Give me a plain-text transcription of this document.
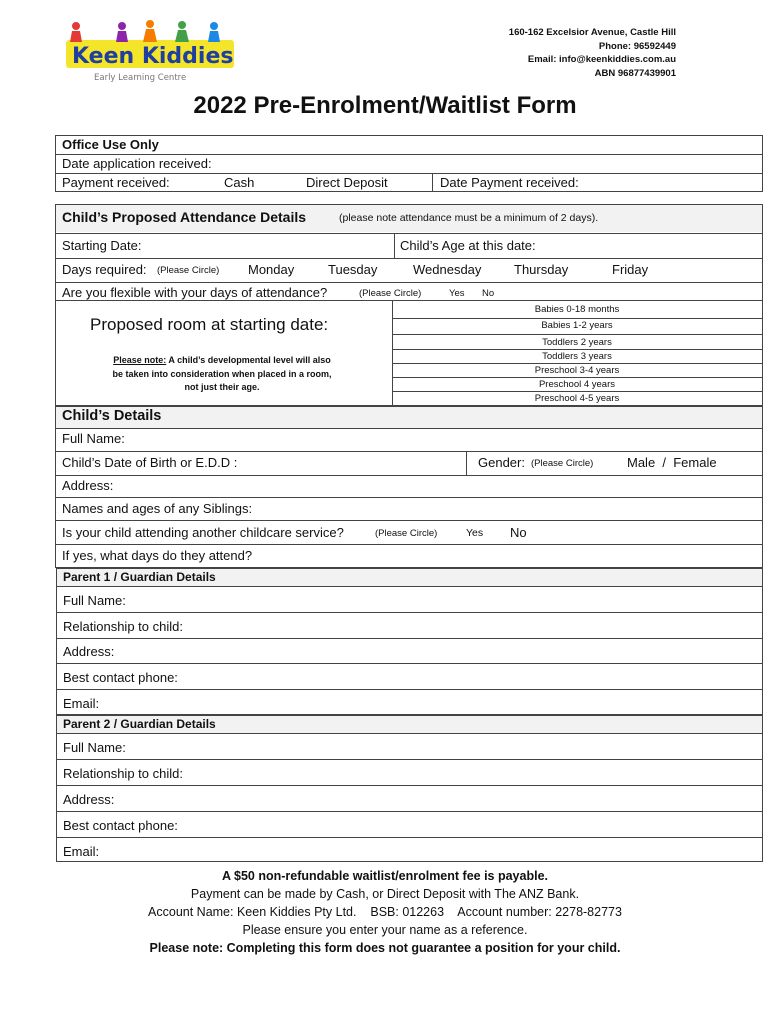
Keen Kiddies
Early Learning Centre
160-162 Excelsior Avenue, Castle Hill
Phone: 96592449
Email: info@keenkiddies.com.au
ABN 96877439901
2022 Pre-Enrolment/Waitlist Form
Office Use Only
Date application received:
Payment received:	Cash	Direct Deposit	Date Payment received:
Child’s Proposed Attendance Details	(please note attendance must be a minimum of 2 days).
Starting Date:	Child’s Age at this date:
Days required: (Please Circle) Monday	Tuesday	Wednesday	Thursday	Friday
Are you flexible with your days of attendance?	(Please Circle)	Yes No
Proposed room at starting date:
Please note: A child’s developmental level will also
be taken into consideration when placed in a room,
not just their age.
Babies 0-18 months
Babies 1-2 years
Toddlers 2 years
Toddlers 3 years
Preschool 3-4 years
Preschool 4 years
Preschool 4-5 years
Child’s Details
Full Name:
Child’s Date of Birth or E.D.D :	Gender: (Please Circle)	Male  /  Female
Address:
Names and ages of any Siblings:
Is your child attending another childcare service?	(Please Circle)	Yes No
If yes, what days do they attend?
Parent 1 / Guardian Details
Full Name:
Relationship to child:
Address:
Best contact phone:
Email:
Parent 2 / Guardian Details
Full Name:
Relationship to child:
Address:
Best contact phone:
Email:
A $50 non-refundable waitlist/enrolment fee is payable.
Payment can be made by Cash, or Direct Deposit with The ANZ Bank.
Account Name: Keen Kiddies Pty Ltd.    BSB: 012263    Account number: 2278-82773
Please ensure you enter your name as a reference.
Please note: Completing this form does not guarantee a position for your child.
